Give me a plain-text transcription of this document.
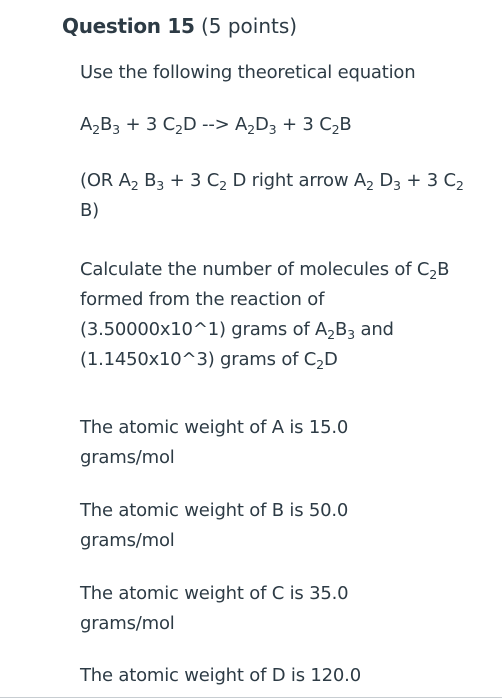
Question 15 (5 points)

Use the following theoretical equation

$A_2B_3 + 3$ $C_2D$ --> $A_2D_3 + 3$ $C_2B$

(OR $A_2$ $B_3 + 3$ $C_2$ D right arrow $A_2$ $D_3 + 3$ $C_2$ B)

Calculate the number of molecules of $C_2B$ formed from the reaction of (3.50000x10^1) grams of $A_2B_3$ and (1.1450x10^3) grams of $C_2D$

The atomic weight of A is 15.0 grams/mol

The atomic weight of B is 50.0 grams/mol

The atomic weight of C is 35.0 grams/mol

The atomic weight of D is 120.0
